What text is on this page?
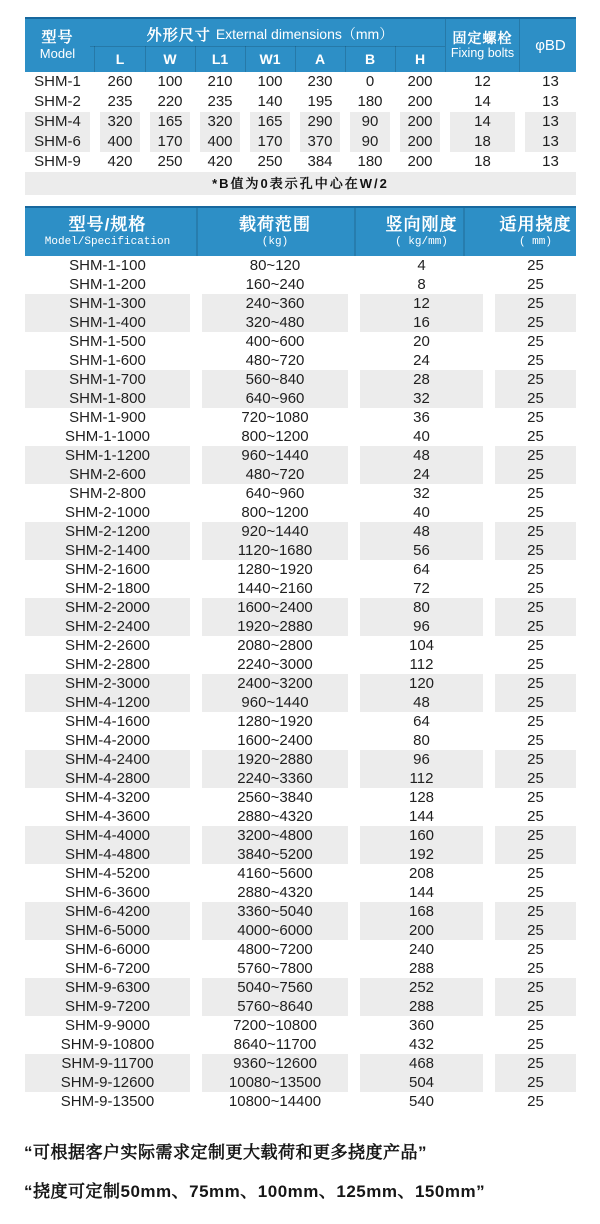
型号
Model
外形尺寸 External dimensions（mm）
L	W	L1	W1	A	B	H
固定螺栓
Fixing bolts	φBD
SHM-1	260	100	210	100	230	0	200	12	13
SHM-2	235	220	235	140	195	180	200	14	13
SHM-4	320	165	320	165	290	90	200	14	13
SHM-6	400	170	400	170	370	90	200	18	13
SHM-9	420	250	420	250	384	180	200	18	13
*B值为0表示孔中心在W/2
型号/规格
Model/Specification
载荷范围
(kg)
竖向刚度
( kg/mm)
适用挠度
( mm)
SHM-1-100	80~120	4	25
SHM-1-200	160~240	8	25
SHM-1-300	240~360	12	25
SHM-1-400	320~480	16	25
SHM-1-500	400~600	20	25
SHM-1-600	480~720	24	25
SHM-1-700	560~840	28	25
SHM-1-800	640~960	32	25
SHM-1-900	720~1080	36	25
SHM-1-1000	800~1200	40	25
SHM-1-1200	960~1440	48	25
SHM-2-600	480~720	24	25
SHM-2-800	640~960	32	25
SHM-2-1000	800~1200	40	25
SHM-2-1200	920~1440	48	25
SHM-2-1400	1120~1680	56	25
SHM-2-1600	1280~1920	64	25
SHM-2-1800	1440~2160	72	25
SHM-2-2000	1600~2400	80	25
SHM-2-2400	1920~2880	96	25
SHM-2-2600	2080~2800	104	25
SHM-2-2800	2240~3000	112	25
SHM-2-3000	2400~3200	120	25
SHM-4-1200	960~1440	48	25
SHM-4-1600	1280~1920	64	25
SHM-4-2000	1600~2400	80	25
SHM-4-2400	1920~2880	96	25
SHM-4-2800	2240~3360	112	25
SHM-4-3200	2560~3840	128	25
SHM-4-3600	2880~4320	144	25
SHM-4-4000	3200~4800	160	25
SHM-4-4800	3840~5200	192	25
SHM-4-5200	4160~5600	208	25
SHM-6-3600	2880~4320	144	25
SHM-6-4200	3360~5040	168	25
SHM-6-5000	4000~6000	200	25
SHM-6-6000	4800~7200	240	25
SHM-6-7200	5760~7800	288	25
SHM-9-6300	5040~7560	252	25
SHM-9-7200	5760~8640	288	25
SHM-9-9000	7200~10800	360	25
SHM-9-10800	8640~11700	432	25
SHM-9-11700	9360~12600	468	25
SHM-9-12600	10080~13500	504	25
SHM-9-13500	10800~14400	540	25
“可根据客户实际需求定制更大载荷和更多挠度产品”
“挠度可定制50mm、75mm、100mm、125mm、150mm”
